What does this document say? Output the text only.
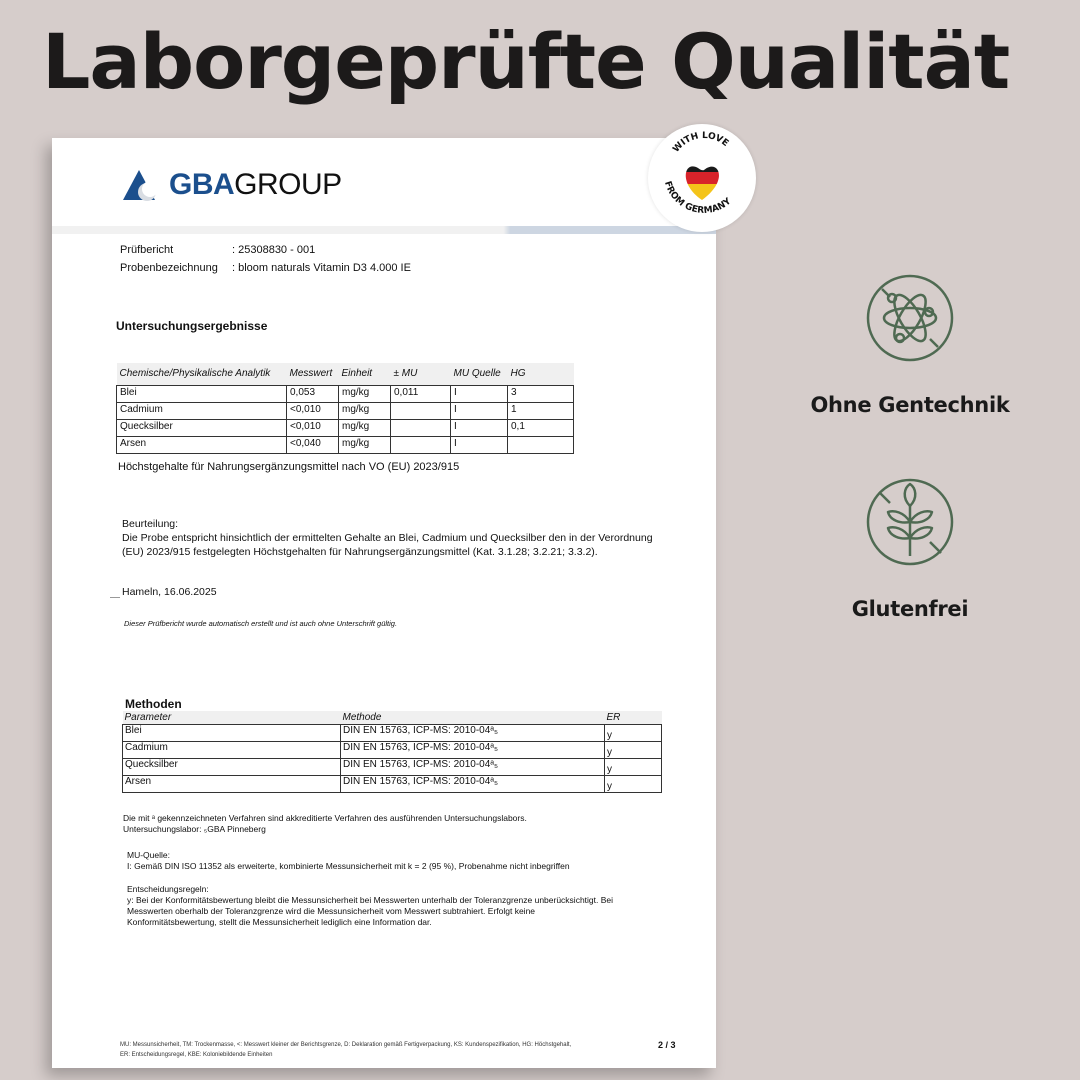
Laborgeprüfte Qualität
GBAGROUP
Prüfbericht	: 25308830 - 001
Probenbezeichnung	: bloom naturals Vitamin D3 4.000 IE
Untersuchungsergebnisse
Chemische/Physikalische Analytik	Messwert	Einheit	± MU	MU Quelle	HG
Blei	0,053	mg/kg	0,011	I	3
Cadmium	<0,010	mg/kg		I	1
Quecksilber	<0,010	mg/kg		I	0,1
Arsen	<0,040	mg/kg		I	
Höchstgehalte für Nahrungsergänzungsmittel nach VO (EU) 2023/915
Beurteilung:
Die Probe entspricht hinsichtlich der ermittelten Gehalte an Blei, Cadmium und Quecksilber den in der Verordnung
(EU) 2023/915 festgelegten Höchstgehalten für Nahrungsergänzungsmittel (Kat. 3.1.28; 3.2.21; 3.3.2).
Hameln, 16.06.2025
Dieser Prüfbericht wurde automatisch erstellt und ist auch ohne Unterschrift gültig.
Methoden
Parameter	Methode	ER
Blei	DIN EN 15763, ICP-MS: 2010-04ᵃ₅	y
Cadmium	DIN EN 15763, ICP-MS: 2010-04ᵃ₅	y
Quecksilber	DIN EN 15763, ICP-MS: 2010-04ᵃ₅	y
Arsen	DIN EN 15763, ICP-MS: 2010-04ᵃ₅	y
Die mit ᵃ gekennzeichneten Verfahren sind akkreditierte Verfahren des ausführenden Untersuchungslabors.
Untersuchungslabor: ₅GBA Pinneberg
MU-Quelle:
I: Gemäß DIN ISO 11352 als erweiterte, kombinierte Messunsicherheit mit k = 2 (95 %), Probenahme nicht inbegriffen
Entscheidungsregeln:
y: Bei der Konformitätsbewertung bleibt die Messunsicherheit bei Messwerten unterhalb der Toleranzgrenze unberücksichtigt. Bei
Messwerten oberhalb der Toleranzgrenze wird die Messunsicherheit vom Messwert subtrahiert. Erfolgt keine
Konformitätsbewertung, stellt die Messunsicherheit lediglich eine Information dar.
MU: Messunsicherheit, TM: Trockenmasse, <: Messwert kleiner der Berichtsgrenze, D: Deklaration gemäß Fertigverpackung, KS: Kundenspezifikation, HG: Höchstgehalt,
ER: Entscheidungsregel, KBE: Koloniebildende Einheiten
2 / 3
WITH LOVE
FROM GERMANY
Ohne Gentechnik
Glutenfrei
